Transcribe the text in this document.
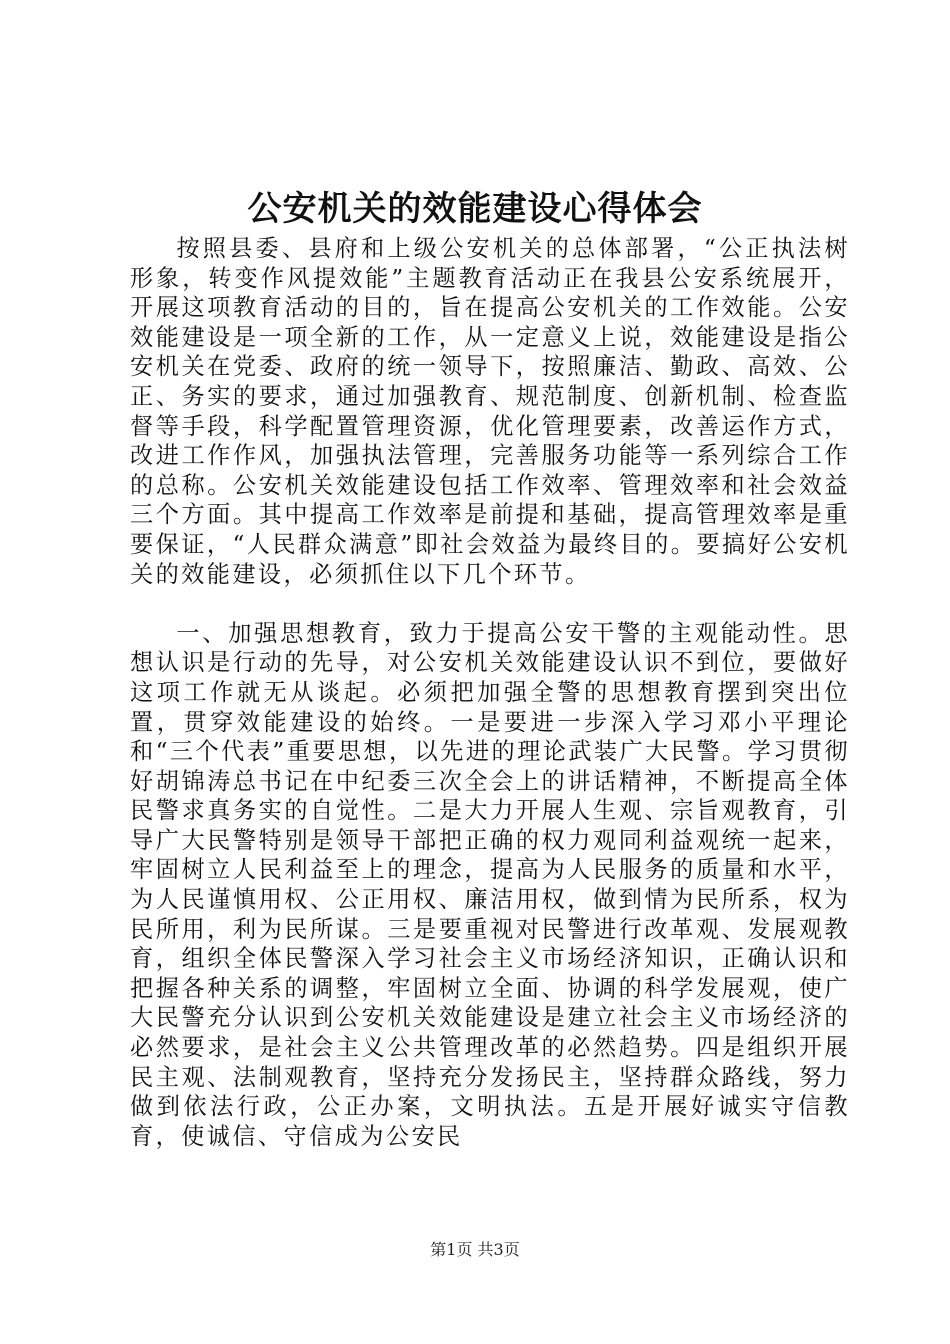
公安机关的效能建设心得体会

按照县委、县府和上级公安机关的总体部署，“公正执法树形象，转变作风提效能”主题教育活动正在我县公安系统展开，开展这项教育活动的目的，旨在提高公安机关的工作效能。公安效能建设是一项全新的工作，从一定意义上说，效能建设是指公安机关在党委、政府的统一领导下，按照廉洁、勤政、高效、公正、务实的要求，通过加强教育、规范制度、创新机制、检查监督等手段，科学配置管理资源，优化管理要素，改善运作方式，改进工作作风，加强执法管理，完善服务功能等一系列综合工作的总称。公安机关效能建设包括工作效率、管理效率和社会效益三个方面。其中提高工作效率是前提和基础，提高管理效率是重要保证，“人民群众满意”即社会效益为最终目的。要搞好公安机关的效能建设，必须抓住以下几个环节。

一、加强思想教育，致力于提高公安干警的主观能动性。思想认识是行动的先导，对公安机关效能建设认识不到位，要做好这项工作就无从谈起。必须把加强全警的思想教育摆到突出位置，贯穿效能建设的始终。一是要进一步深入学习邓小平理论和“三个代表”重要思想，以先进的理论武装广大民警。学习贯彻好胡锦涛总书记在中纪委三次全会上的讲话精神，不断提高全体民警求真务实的自觉性。二是大力开展人生观、宗旨观教育，引导广大民警特别是领导干部把正确的权力观同利益观统一起来，牢固树立人民利益至上的理念，提高为人民服务的质量和水平，为人民谨慎用权、公正用权、廉洁用权，做到情为民所系，权为民所用，利为民所谋。三是要重视对民警进行改革观、发展观教育，组织全体民警深入学习社会主义市场经济知识，正确认识和把握各种关系的调整，牢固树立全面、协调的科学发展观，使广大民警充分认识到公安机关效能建设是建立社会主义市场经济的必然要求，是社会主义公共管理改革的必然趋势。四是组织开展民主观、法制观教育，坚持充分发扬民主，坚持群众路线，努力做到依法行政，公正办案，文明执法。五是开展好诚实守信教育，使诚信、守信成为公安民

第1页 共3页
